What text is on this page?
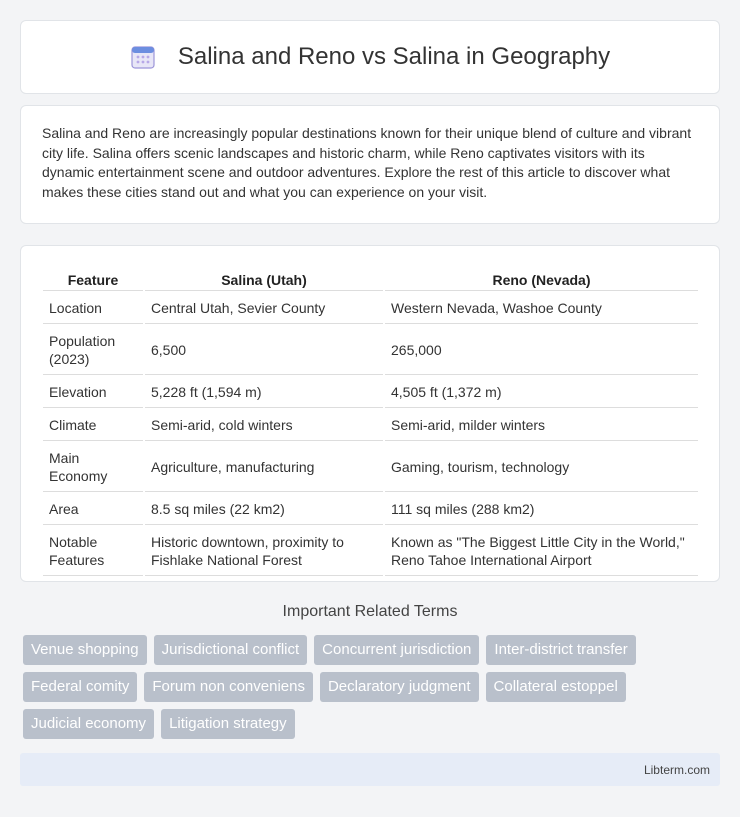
Salina and Reno vs Salina in Geography

Salina and Reno are increasingly popular destinations known for their unique blend of culture and vibrant city life. Salina offers scenic landscapes and historic charm, while Reno captivates visitors with its dynamic entertainment scene and outdoor adventures. Explore the rest of this article to discover what makes these cities stand out and what you can experience on your visit.

Feature	Salina (Utah)	Reno (Nevada)
Location	Central Utah, Sevier County	Western Nevada, Washoe County
Population (2023)	6,500	265,000
Elevation	5,228 ft (1,594 m)	4,505 ft (1,372 m)
Climate	Semi-arid, cold winters	Semi-arid, milder winters
Main Economy	Agriculture, manufacturing	Gaming, tourism, technology
Area	8.5 sq miles (22 km2)	111 sq miles (288 km2)
Notable Features	Historic downtown, proximity to Fishlake National Forest	Known as "The Biggest Little City in the World," Reno Tahoe International Airport
Important Related Terms
Venue shopping	Jurisdictional conflict	Concurrent jurisdiction	Inter-district transfer
Federal comity	Forum non conveniens	Declaratory judgment	Collateral estoppel
Judicial economy	Litigation strategy
Libterm.com
